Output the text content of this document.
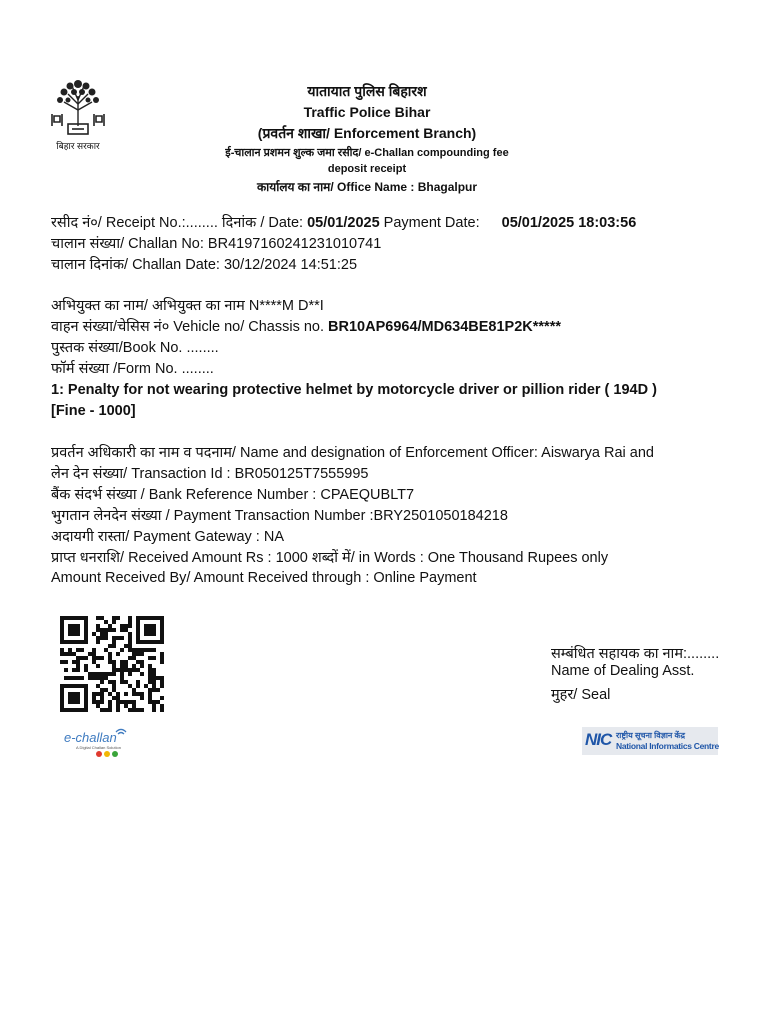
बिहार सरकार
यातायात पुलिस बिहारश
Traffic Police Bihar
(प्रवर्तन शाखा/ Enforcement Branch)
ई-चालान प्रशमन शुल्क जमा रसीद/ e-Challan compounding fee
deposit receipt
कार्यालय का नाम/ Office Name : Bhagalpur
रसीद नं०/ Receipt No.:........ दिनांक / Date: 05/01/2025 Payment Date: 05/01/2025 18:03:56
चालान संख्या/ Challan No: BR4197160241231010741
चालान दिनांक/ Challan Date: 30/12/2024 14:51:25
अभियुक्त का नाम/ अभियुक्त का नाम N****M D**I
वाहन संख्या/चेसिस नं० Vehicle no/ Chassis no. BR10AP6964/MD634BE81P2K*****
पुस्तक संख्या/Book No. ........
फॉर्म संख्या /Form No. ........
1: Penalty for not wearing protective helmet by motorcycle driver or pillion rider ( 194D )
[Fine - 1000]
प्रवर्तन अधिकारी का नाम व पदनाम/ Name and designation of Enforcement Officer: Aiswarya Rai and
लेन देन संख्या/ Transaction Id : BR050125T7555995
बैंक संदर्भ संख्या / Bank Reference Number : CPAEQUBLT7
भुगतान लेनदेन संख्या / Payment Transaction Number :BRY2501050184218
अदायगी रास्ता/ Payment Gateway : NA
प्राप्त धनराशि/ Received Amount Rs : 1000 शब्दों में/ in Words : One Thousand Rupees only
Amount Received By/ Amount Received through : Online Payment
e-challan
A Digital Challan Solution
सम्बंधित सहायक का नाम:........
Name of Dealing Asst.
मुहर/ Seal
NIC राष्ट्रीय सूचना विज्ञान केंद्र
National Informatics Centre
